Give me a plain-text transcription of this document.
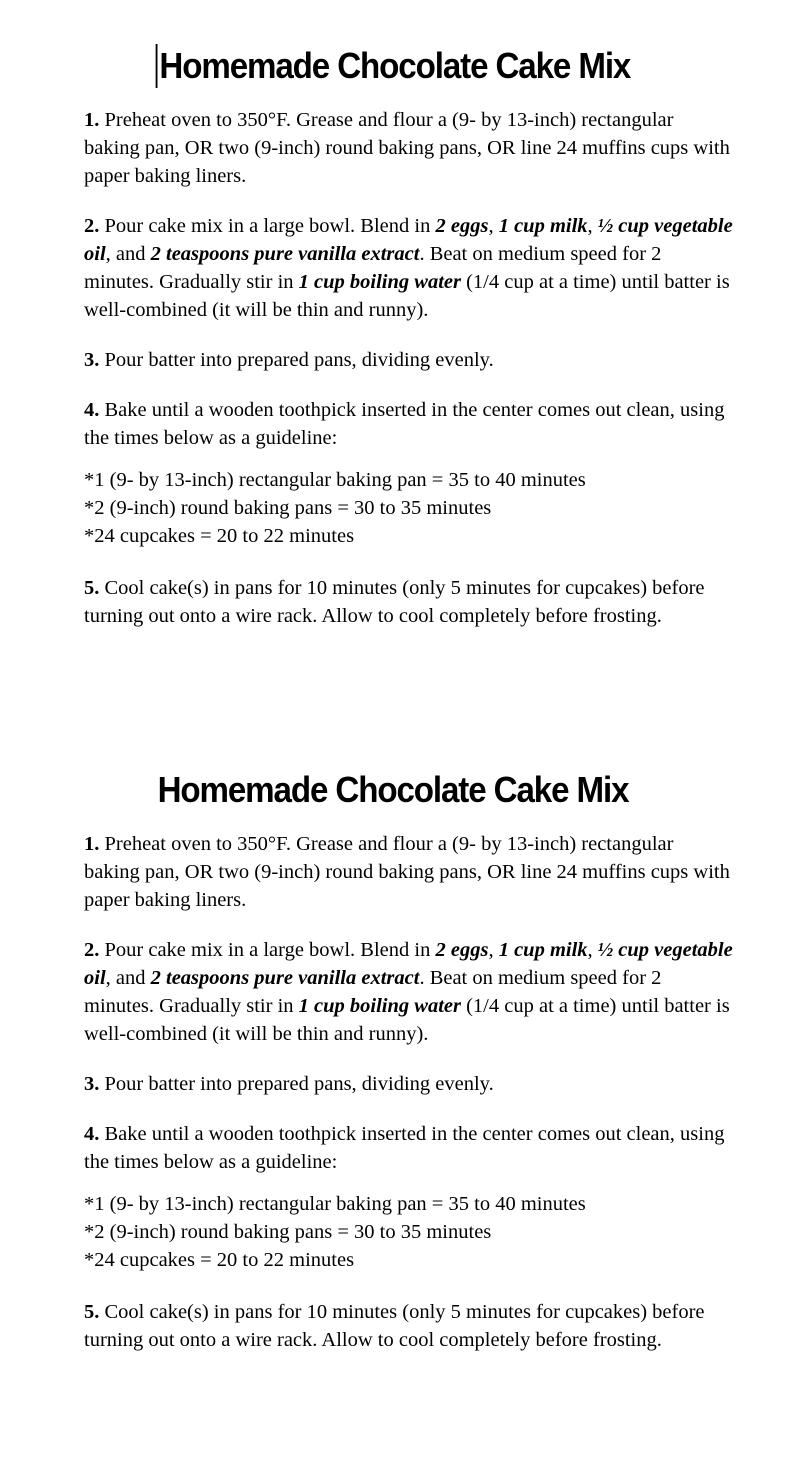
Homemade Chocolate Cake Mix

1. Preheat oven to 350°F. Grease and flour a (9- by 13-inch) rectangular baking pan, OR two (9-inch) round baking pans, OR line 24 muffins cups with paper baking liners.

2. Pour cake mix in a large bowl. Blend in 2 eggs, 1 cup milk, ½ cup vegetable oil, and 2 teaspoons pure vanilla extract. Beat on medium speed for 2 minutes. Gradually stir in 1 cup boiling water (1/4 cup at a time) until batter is well-combined (it will be thin and runny).

3. Pour batter into prepared pans, dividing evenly.

4. Bake until a wooden toothpick inserted in the center comes out clean, using the times below as a guideline:

*1 (9- by 13-inch) rectangular baking pan = 35 to 40 minutes
*2 (9-inch) round baking pans = 30 to 35 minutes
*24 cupcakes = 20 to 22 minutes

5. Cool cake(s) in pans for 10 minutes (only 5 minutes for cupcakes) before turning out onto a wire rack. Allow to cool completely before frosting.

Homemade Chocolate Cake Mix

1. Preheat oven to 350°F. Grease and flour a (9- by 13-inch) rectangular baking pan, OR two (9-inch) round baking pans, OR line 24 muffins cups with paper baking liners.

2. Pour cake mix in a large bowl. Blend in 2 eggs, 1 cup milk, ½ cup vegetable oil, and 2 teaspoons pure vanilla extract. Beat on medium speed for 2 minutes. Gradually stir in 1 cup boiling water (1/4 cup at a time) until batter is well-combined (it will be thin and runny).

3. Pour batter into prepared pans, dividing evenly.

4. Bake until a wooden toothpick inserted in the center comes out clean, using the times below as a guideline:

*1 (9- by 13-inch) rectangular baking pan = 35 to 40 minutes
*2 (9-inch) round baking pans = 30 to 35 minutes
*24 cupcakes = 20 to 22 minutes

5. Cool cake(s) in pans for 10 minutes (only 5 minutes for cupcakes) before turning out onto a wire rack. Allow to cool completely before frosting.
